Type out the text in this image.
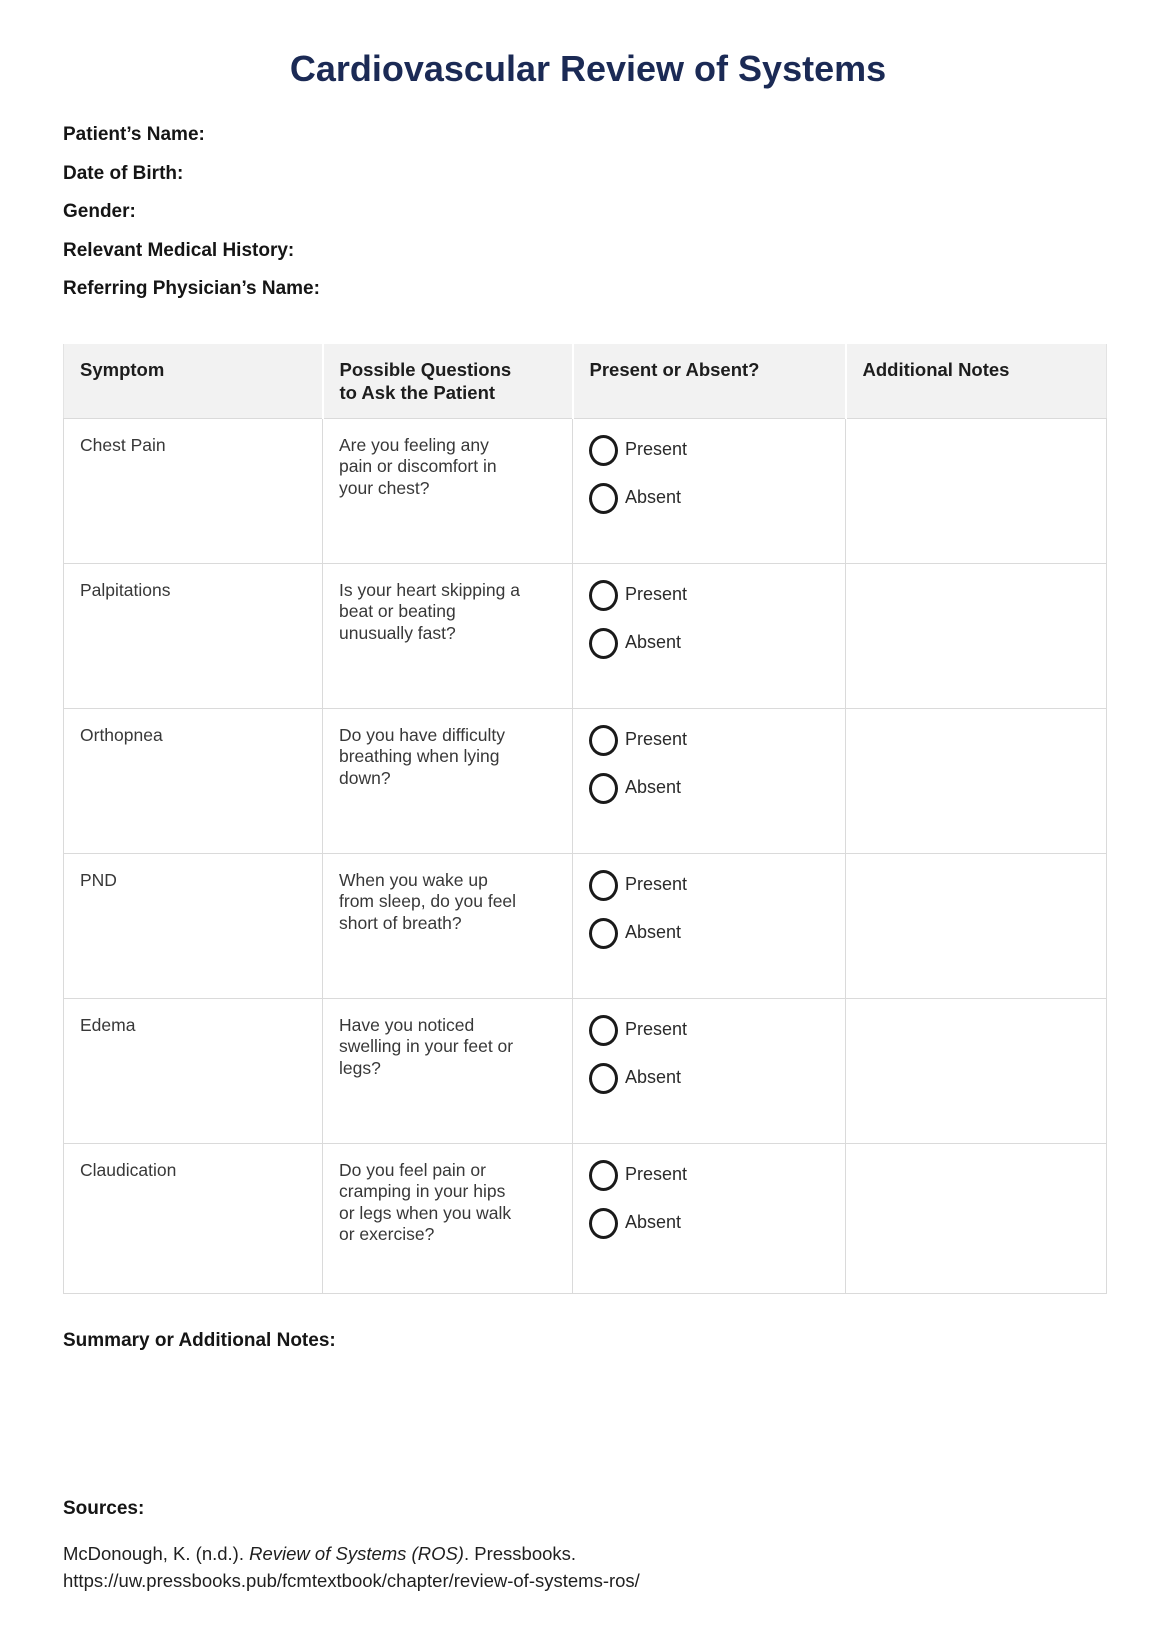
Cardiovascular Review of Systems

Patient’s Name:

Date of Birth:

Gender:

Relevant Medical History:

Referring Physician’s Name:

Symptom	Possible Questions to Ask the Patient	Present or Absent?	Additional Notes
Chest Pain	Are you feeling any pain or discomfort in your chest?	Present
Absent	

Palpitations	Is your heart skipping a beat or beating unusually fast?	Present
Absent	

Orthopnea	Do you have difficulty breathing when lying down?	Present
Absent	

PND	When you wake up from sleep, do you feel short of breath?	Present
Absent	

Edema	Have you noticed swelling in your feet or legs?	Present
Absent	

Claudication	Do you feel pain or cramping in your hips or legs when you walk or exercise?	Present
Absent	

Summary or Additional Notes:

Sources:

McDonough, K. (n.d.). Review of Systems (ROS). Pressbooks.
https://uw.pressbooks.pub/fcmtextbook/chapter/review-of-systems-ros/
